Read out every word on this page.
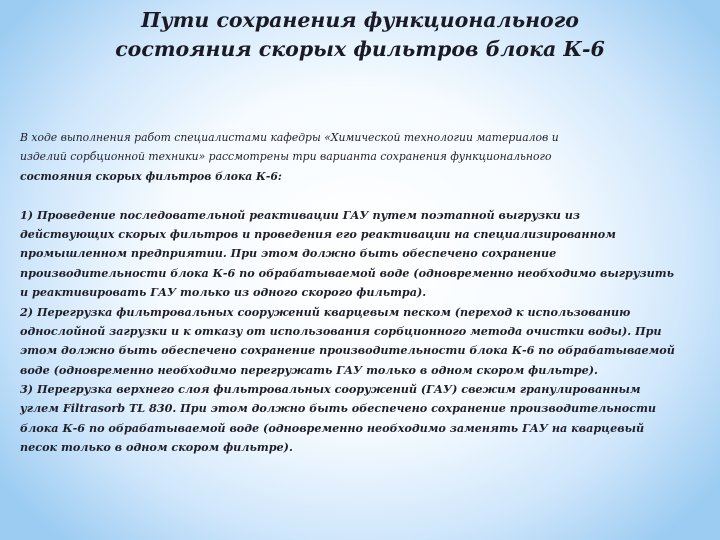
Пути сохранения функционального
состояния скорых фильтров блока К-6
В ходе выполнения работ специалистами кафедры «Химической технологии материалов и
изделий сорбционной техники» рассмотрены три варианта сохранения функционального
состояния скорых фильтров блока К-6:
1) Проведение последовательной реактивации ГАУ путем поэтапной выгрузки из
действующих скорых фильтров и проведения его реактивации на специализированном
промышленном предприятии. При этом должно быть обеспечено сохранение
производительности блока К-6 по обрабатываемой воде (одновременно необходимо выгрузить
и реактивировать ГАУ только из одного скорого фильтра).
2) Перегрузка фильтровальных сооружений кварцевым песком (переход к использованию
однослойной загрузки и к отказу от использования сорбционного метода очистки воды). При
этом должно быть обеспечено сохранение производительности блока К-6 по обрабатываемой
воде (одновременно необходимо перегружать ГАУ только в одном скором фильтре).
3) Перегрузка верхнего слоя фильтровальных сооружений (ГАУ) свежим гранулированным
углем Filtrasorb TL 830. При этом должно быть обеспечено сохранение производительности
блока К-6 по обрабатываемой воде (одновременно необходимо заменять ГАУ на кварцевый
песок только в одном скором фильтре).
